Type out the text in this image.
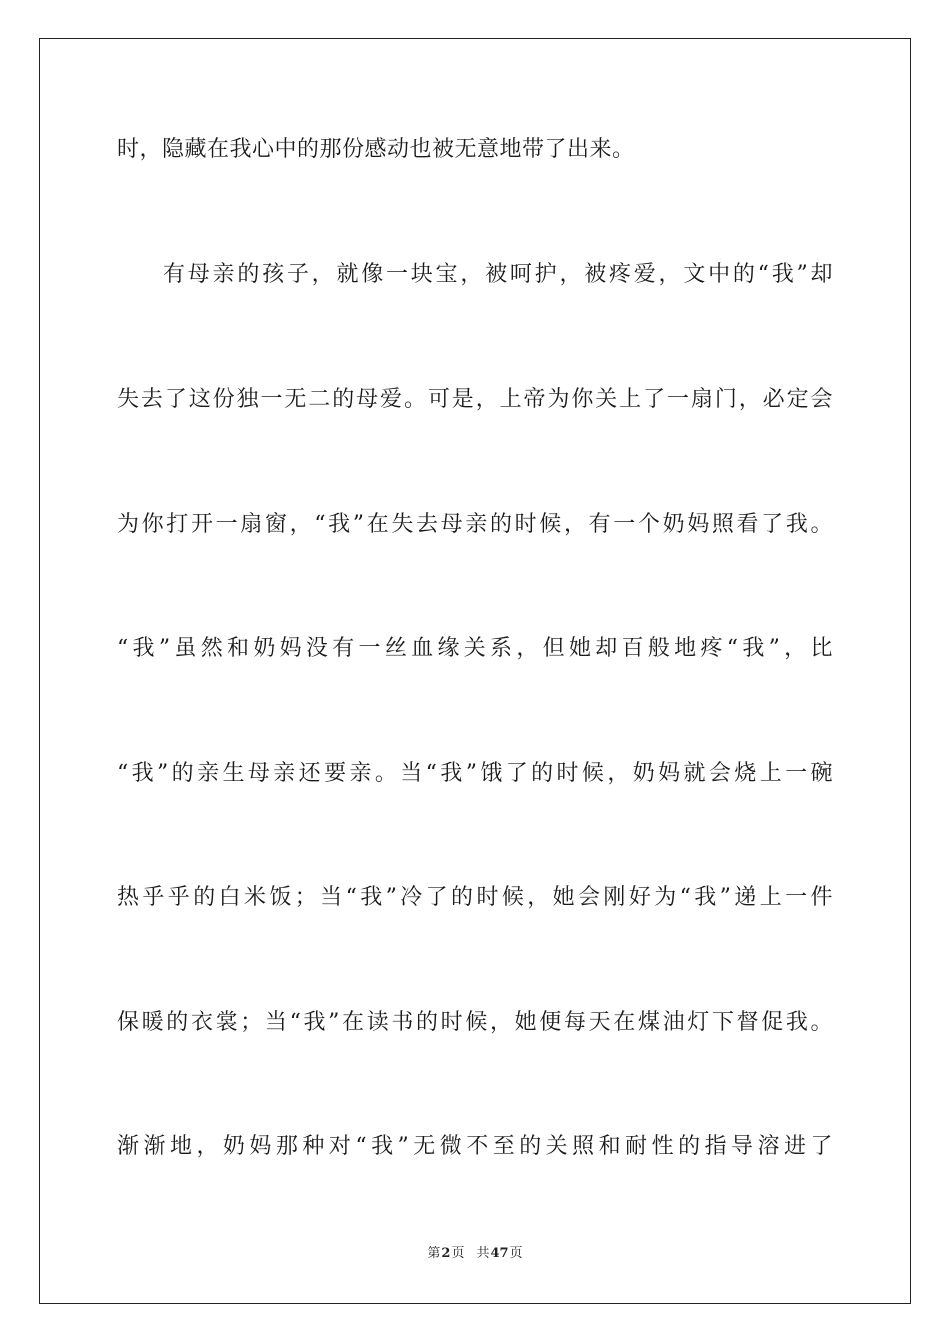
时，隐藏在我心中的那份感动也被无意地带了出来。
有母亲的孩子，就像一块宝，被呵护，被疼爱，文中的“我”却
失去了这份独一无二的母爱。可是，上帝为你关上了一扇门，必定会
为你打开一扇窗，“我”在失去母亲的时候，有一个奶妈照看了我。
“我”虽然和奶妈没有一丝血缘关系，但她却百般地疼“我”，比
“我”的亲生母亲还要亲。当“我”饿了的时候，奶妈就会烧上一碗
热乎乎的白米饭；当“我”冷了的时候，她会刚好为“我”递上一件
保暖的衣裳；当“我”在读书的时候，她便每天在煤油灯下督促我。
渐渐地，奶妈那种对“我”无微不至的关照和耐性的指导溶进了
第2页 共47页
